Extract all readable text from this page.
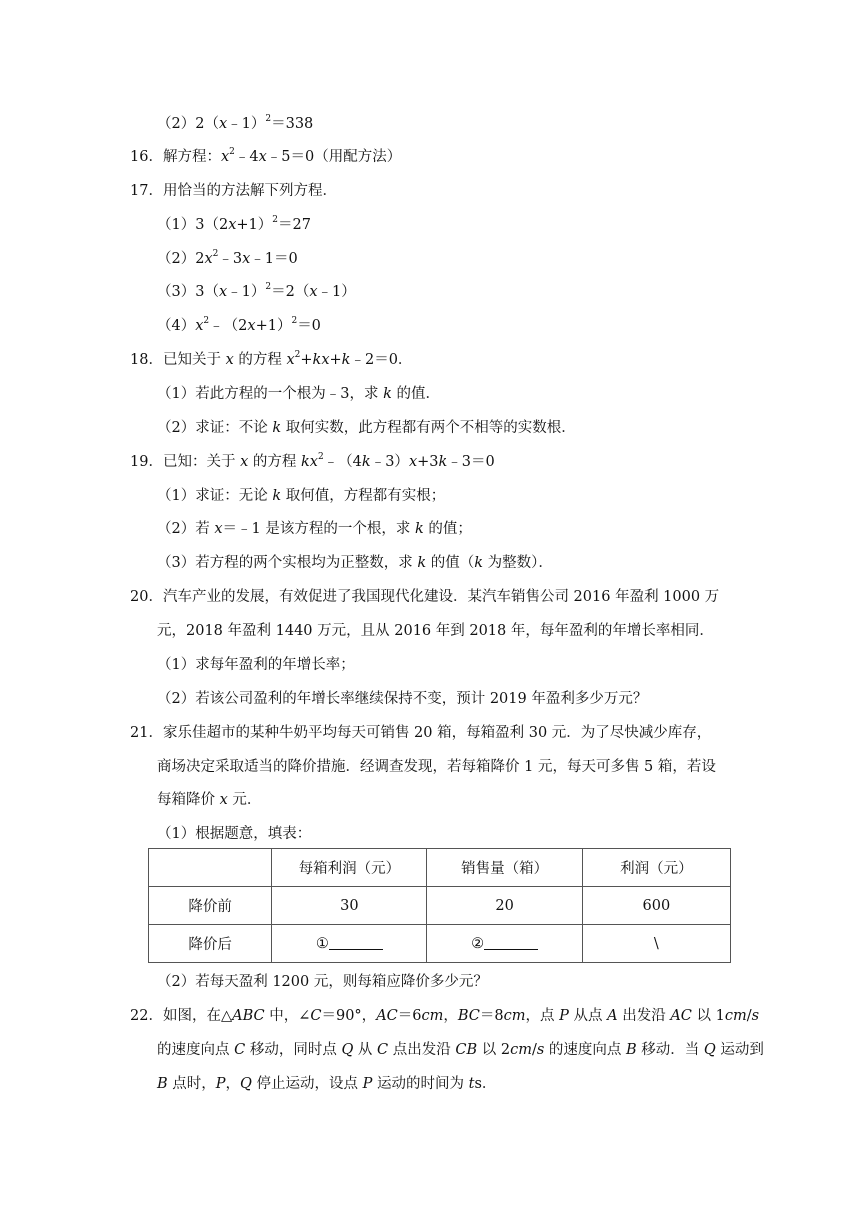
（2）2（x﹣1）$^2$＝338
16．解方程：$x^2﹣4x﹣5=0$（用配方法）
17．用恰当的方法解下列方程．
$(1)3(2x+1)^2=27$
$(2)2x^2﹣3x﹣1=0$
（3）3（x﹣1）$^2$＝2（x﹣1）
$(4)x^2﹣(2x+1)^2=0$
18．已知关于 x 的方程 $x^2+kx+k﹣2=0$．
（1）若此方程的一个根为﹣3，求 k 的值．
（2）求证：不论 k 取何实数，此方程都有两个不相等的实数根．
19．已知：关于 x 的方程 $kx^2﹣(4k﹣3)x+3k﹣3=0$
（1）求证：无论 k 取何值，方程都有实根；
（2）若 x＝﹣1 是该方程的一个根，求 k 的值；
（3）若方程的两个实根均为正整数，求 k 的值（k 为整数）．
20．汽车产业的发展，有效促进了我国现代化建设．某汽车销售公司 2016 年盈利 1000 万
元，2018 年盈利 1440 万元，且从 2016 年到 2018 年，每年盈利的年增长率相同．
（1）求每年盈利的年增长率；
（2）若该公司盈利的年增长率继续保持不变，预计 2019 年盈利多少万元？
21．家乐佳超市的某种牛奶平均每天可销售 20 箱，每箱盈利 30 元．为了尽快减少库存，
商场决定采取适当的降价措施．经调查发现，若每箱降价 1 元，每天可多售 5 箱，若设
每箱降价 x 元．
（1）根据题意，填表：
（2）若每天盈利 1200 元，则每箱应降价多少元？
22．如图，在△ABC 中，∠C＝90°，AC＝6cm，BC＝8cm，点 P 从点 A 出发沿 AC 以 1cm/s
的速度向点 C 移动，同时点 Q 从 C 点出发沿 CB 以 2cm/s 的速度向点 B 移动．当 Q 运动到
B 点时，P，Q 停止运动，设点 P 运动的时间为 ts．
	每箱利润（元）	销售量（箱）	利润（元）
降价前	30	20	600
降价后	①	②	\
